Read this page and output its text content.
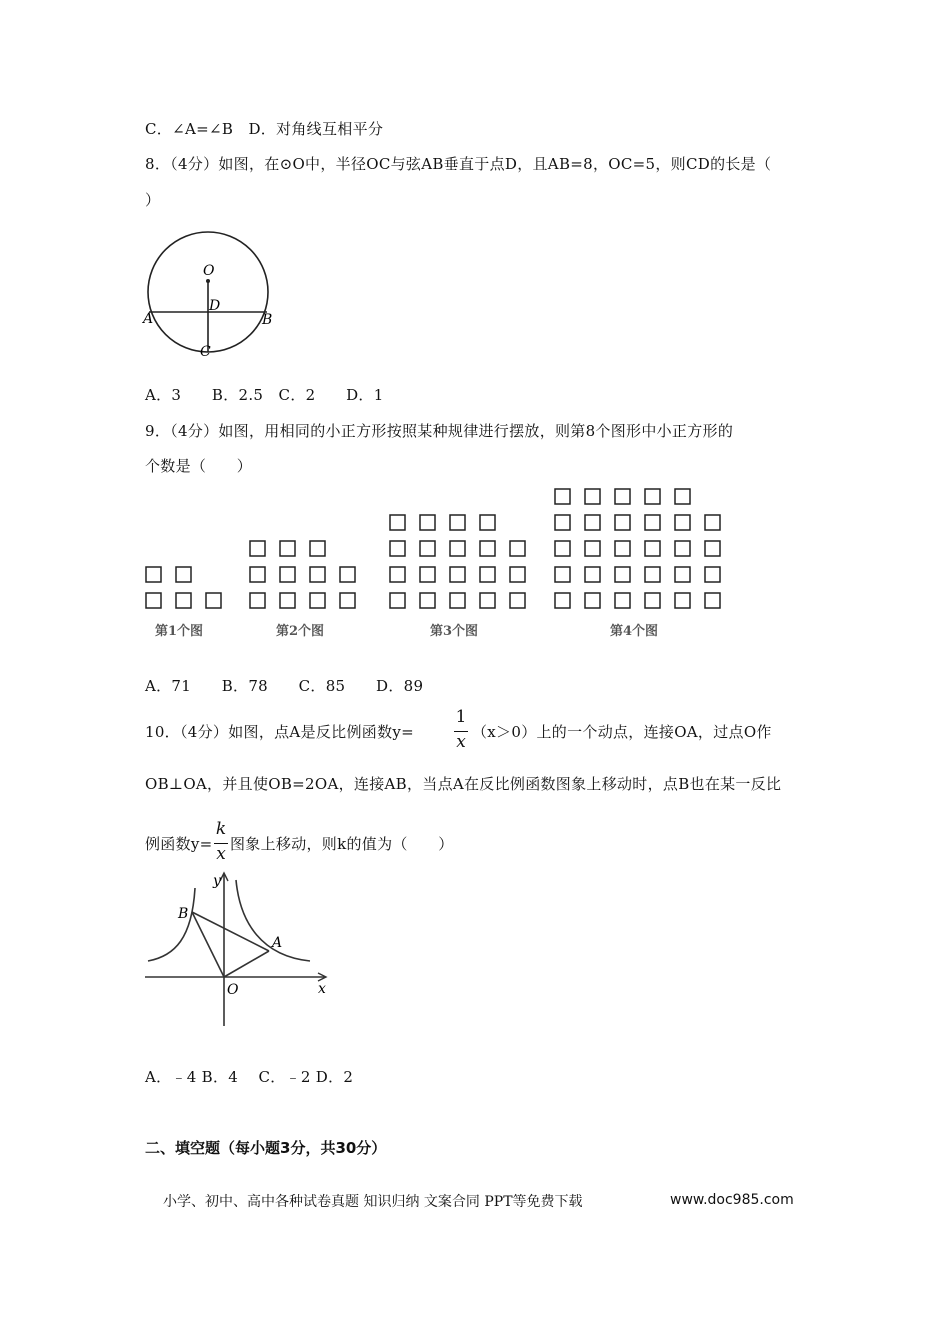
C．∠A=∠B　D．对角线互相平分
8．（4分）如图，在⊙O中，半径OC与弦AB垂直于点D，且AB=8，OC=5，则CD的长是（
）
O
D
A	B
C
A．3　　B．2.5　C．2　　D．1
9．（4分）如图，用相同的小正方形按照某种规律进行摆放，则第8个图形中小正方形的
个数是（　　）
第1个图	第2个图	第3个图	第4个图
A．71　　B．78　　C．85　　D．89
10．（4分）如图，点A是反比例函数y=
1
x （x＞0）上的一个动点，连接OA，过点O作
OB⊥OA，并且使OB=2OA，连接AB，当点A在反比例函数图象上移动时，点B也在某一反比
例函数y=
k
x 图象上移动，则k的值为（　　）
B
A
O	x
y
A．﹣4 B．4　 C．﹣2 D．2
二、填空题（每小题3分，共30分）
小学、初中、高中各种试卷真题 知识归纳 文案合同 PPT等免费下载	www.doc985.com
